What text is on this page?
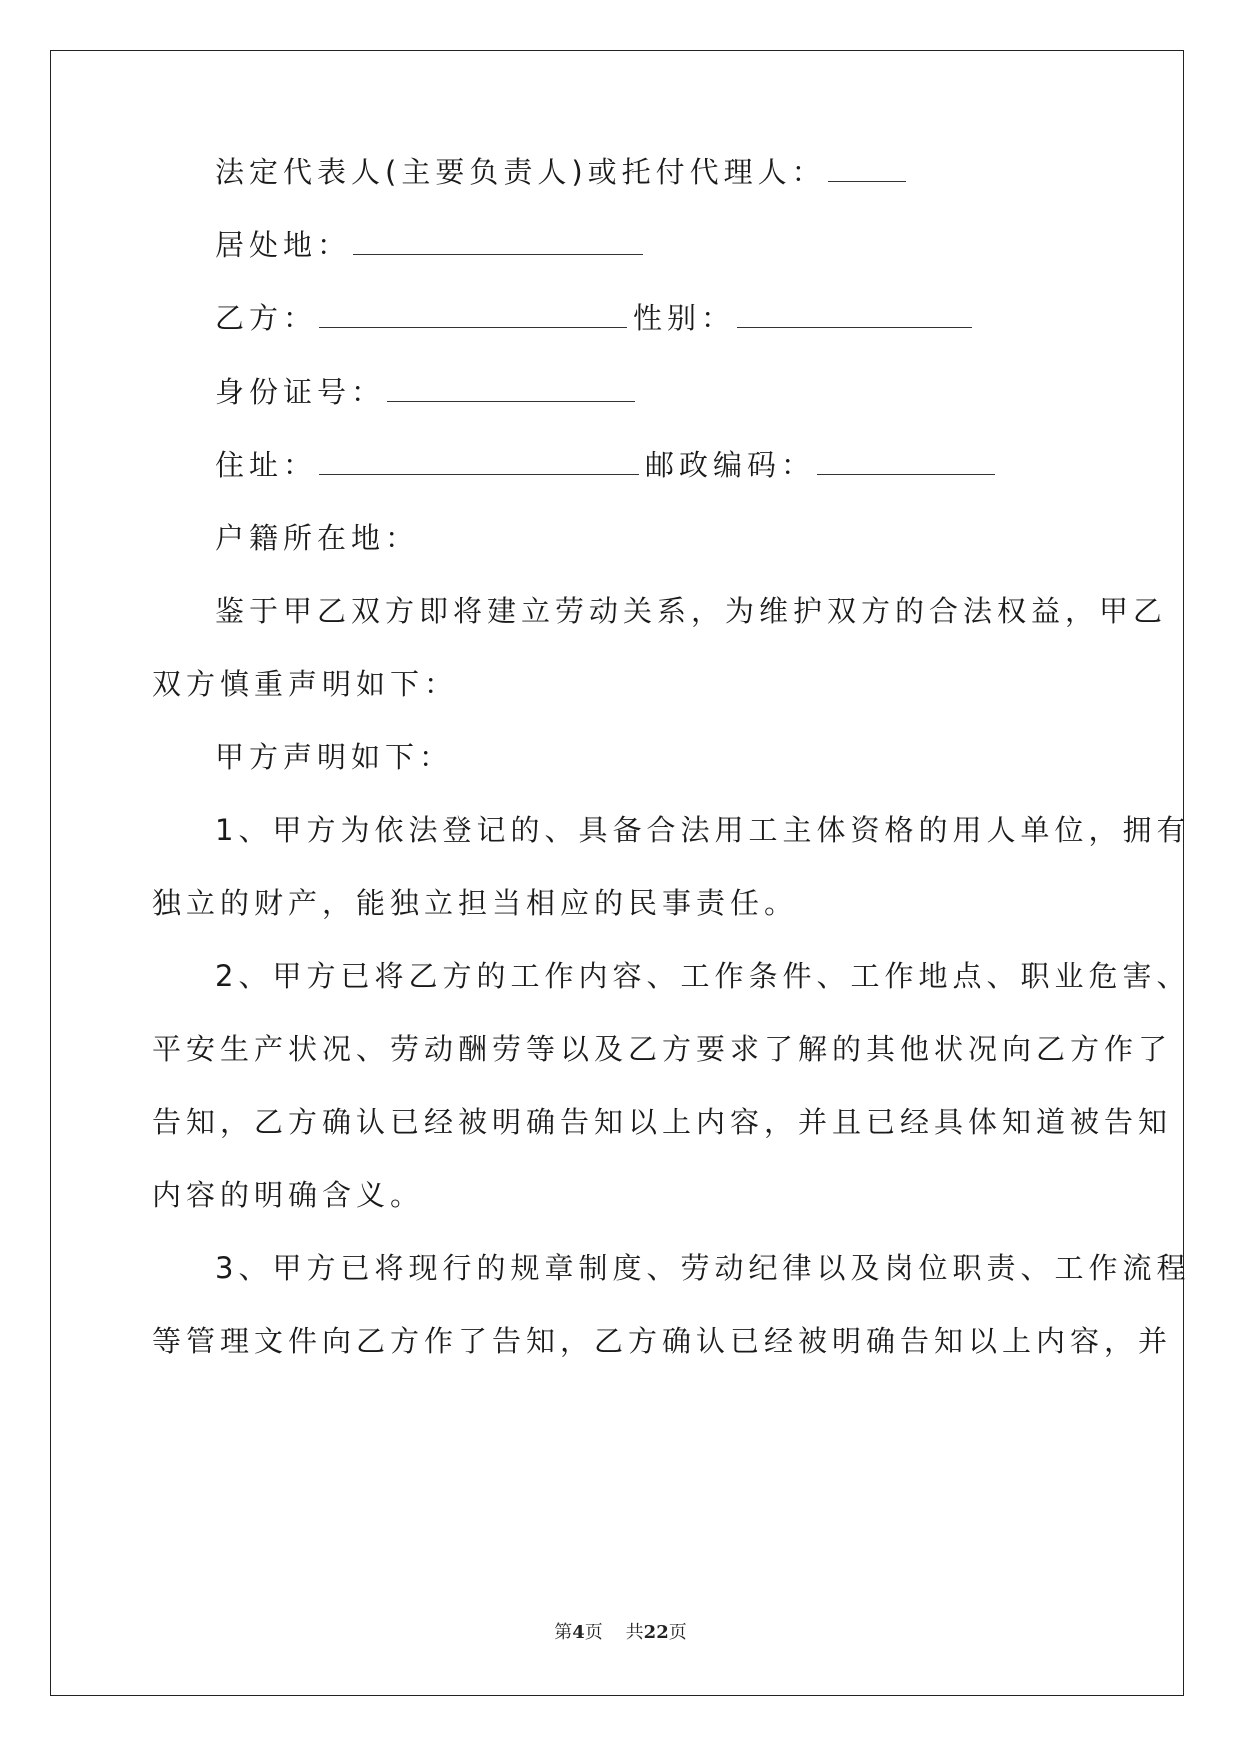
法定代表人(主要负责人)或托付代理人：
居处地：
乙方：	性别：
身份证号：
住址：	邮政编码：
户籍所在地：
鉴于甲乙双方即将建立劳动关系，为维护双方的合法权益，甲乙
双方慎重声明如下：
甲方声明如下：
1、甲方为依法登记的、具备合法用工主体资格的用人单位，拥有
独立的财产，能独立担当相应的民事责任。
2、甲方已将乙方的工作内容、工作条件、工作地点、职业危害、
平安生产状况、劳动酬劳等以及乙方要求了解的其他状况向乙方作了
告知，乙方确认已经被明确告知以上内容，并且已经具体知道被告知
内容的明确含义。
3、甲方已将现行的规章制度、劳动纪律以及岗位职责、工作流程
等管理文件向乙方作了告知，乙方确认已经被明确告知以上内容，并
第4页 共22页
